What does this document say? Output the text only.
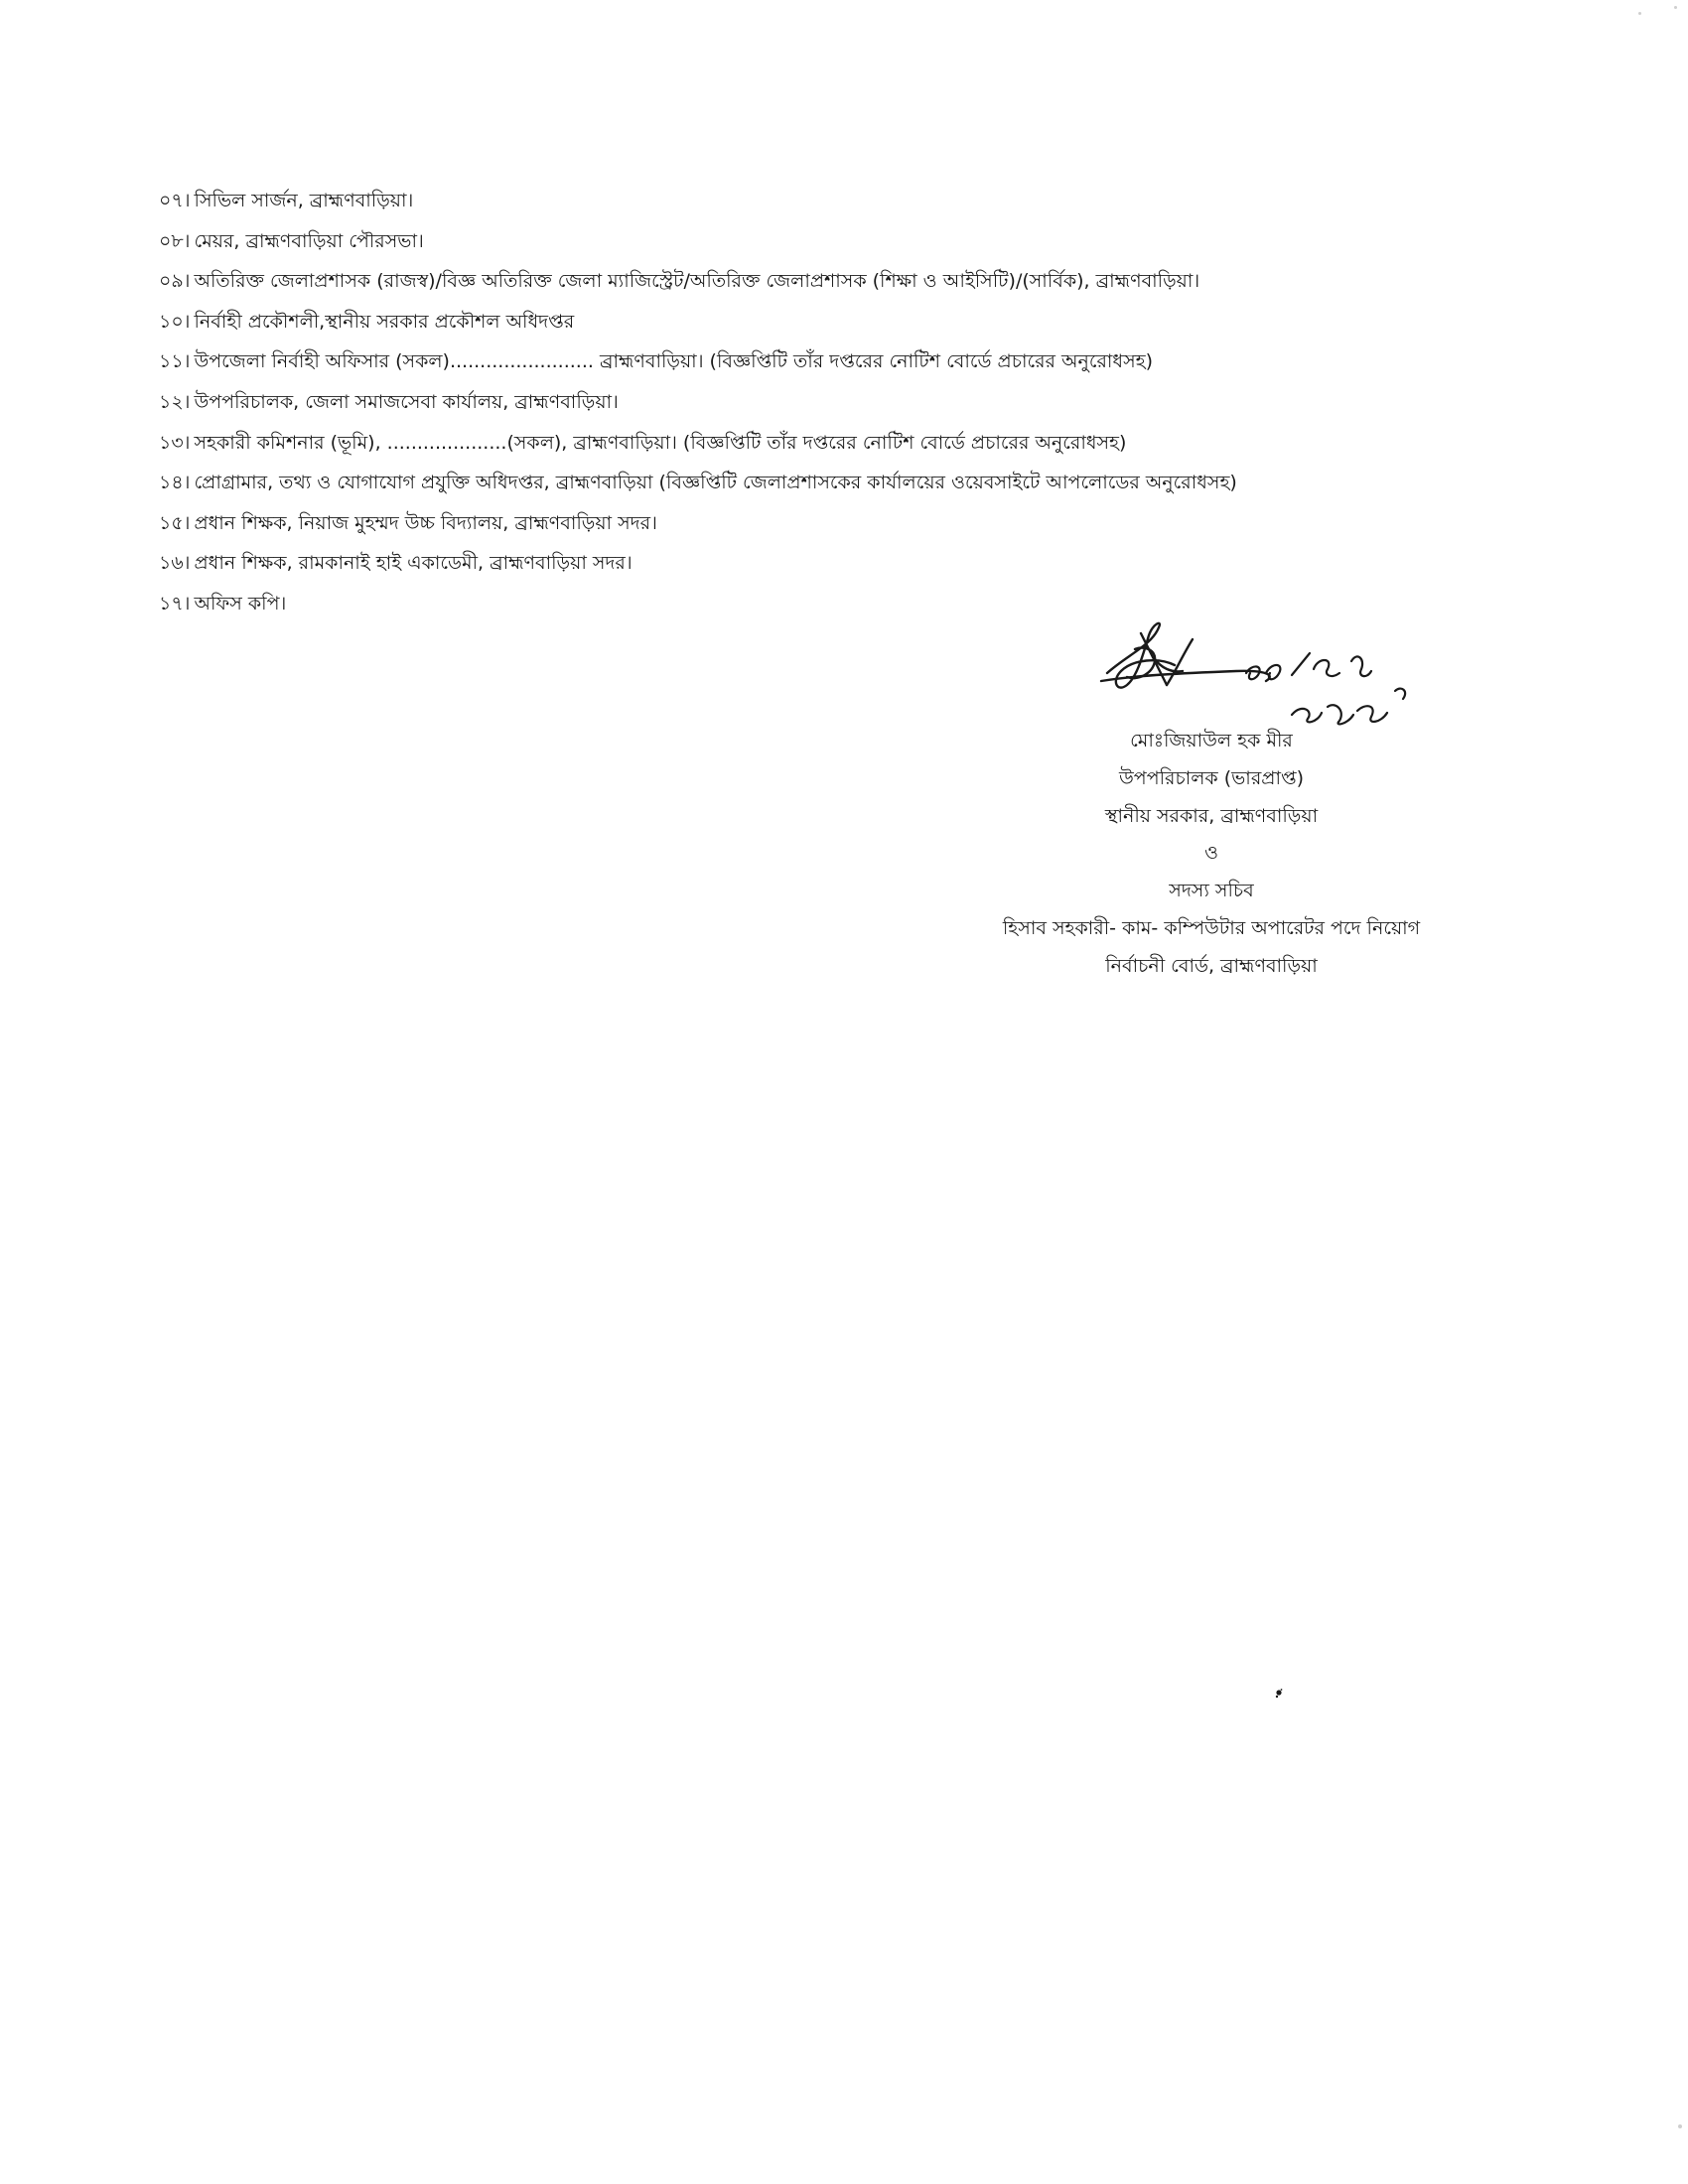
০৭। সিভিল সার্জন, ব্রাহ্মণবাড়িয়া।
০৮। মেয়র, ব্রাহ্মণবাড়িয়া পৌরসভা।
০৯। অতিরিক্ত জেলাপ্রশাসক (রাজস্ব)/বিজ্ঞ অতিরিক্ত জেলা ম্যাজিস্ট্রেট/অতিরিক্ত জেলাপ্রশাসক (শিক্ষা ও আইসিটি)/(সার্বিক), ব্রাহ্মণবাড়িয়া।
১০। নির্বাহী প্রকৌশলী,স্থানীয় সরকার প্রকৌশল অধিদপ্তর
১১। উপজেলা নির্বাহী অফিসার (সকল)........................ ব্রাহ্মণবাড়িয়া। (বিজ্ঞপ্তিটি তাঁর দপ্তরের নোটিশ বোর্ডে প্রচারের অনুরোধসহ)
১২। উপপরিচালক, জেলা সমাজসেবা কার্যালয়, ব্রাহ্মণবাড়িয়া।
১৩। সহকারী কমিশনার (ভূমি), ....................(সকল), ব্রাহ্মণবাড়িয়া। (বিজ্ঞপ্তিটি তাঁর দপ্তরের নোটিশ বোর্ডে প্রচারের অনুরোধসহ)
১৪। প্রোগ্রামার, তথ্য ও যোগাযোগ প্রযুক্তি অধিদপ্তর, ব্রাহ্মণবাড়িয়া (বিজ্ঞপ্তিটি জেলাপ্রশাসকের কার্যালয়ের ওয়েবসাইটে আপলোডের অনুরোধসহ)
১৫। প্রধান শিক্ষক, নিয়াজ মুহম্মদ উচ্চ বিদ্যালয়, ব্রাহ্মণবাড়িয়া সদর।
১৬। প্রধান শিক্ষক, রামকানাই হাই একাডেমী, ব্রাহ্মণবাড়িয়া সদর।
১৭। অফিস কপি।
মোঃজিয়াউল হক মীর
উপপরিচালক (ভারপ্রাপ্ত)
স্থানীয় সরকার, ব্রাহ্মণবাড়িয়া
ও
সদস্য সচিব
হিসাব সহকারী- কাম- কম্পিউটার অপারেটর পদে নিয়োগ
নির্বাচনী বোর্ড, ব্রাহ্মণবাড়িয়া
